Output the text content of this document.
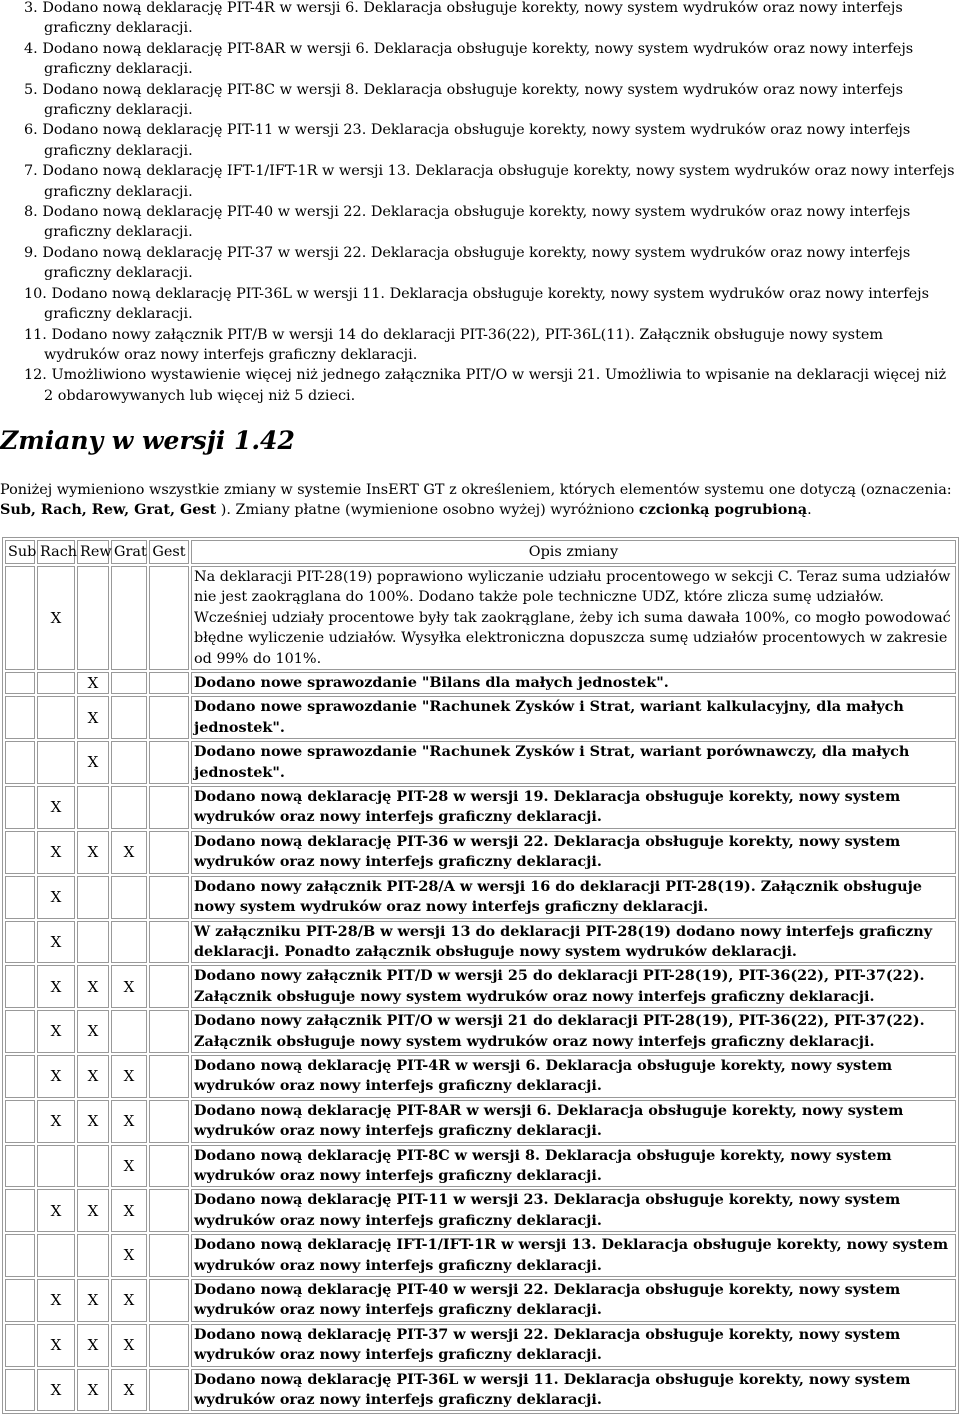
3. Dodano nową deklarację PIT-4R w wersji 6. Deklaracja obsługuje korekty, nowy system wydruków oraz nowy interfejs graficzny deklaracji.
4. Dodano nową deklarację PIT-8AR w wersji 6. Deklaracja obsługuje korekty, nowy system wydruków oraz nowy interfejs graficzny deklaracji.
5. Dodano nową deklarację PIT-8C w wersji 8. Deklaracja obsługuje korekty, nowy system wydruków oraz nowy interfejs graficzny deklaracji.
6. Dodano nową deklarację PIT-11 w wersji 23. Deklaracja obsługuje korekty, nowy system wydruków oraz nowy interfejs graficzny deklaracji.
7. Dodano nową deklarację IFT-1/IFT-1R w wersji 13. Deklaracja obsługuje korekty, nowy system wydruków oraz nowy interfejs graficzny deklaracji.
8. Dodano nową deklarację PIT-40 w wersji 22. Deklaracja obsługuje korekty, nowy system wydruków oraz nowy interfejs graficzny deklaracji.
9. Dodano nową deklarację PIT-37 w wersji 22. Deklaracja obsługuje korekty, nowy system wydruków oraz nowy interfejs graficzny deklaracji.
10. Dodano nową deklarację PIT-36L w wersji 11. Deklaracja obsługuje korekty, nowy system wydruków oraz nowy interfejs graficzny deklaracji.
11. Dodano nowy załącznik PIT/B w wersji 14 do deklaracji PIT-36(22), PIT-36L(11). Załącznik obsługuje nowy system wydruków oraz nowy interfejs graficzny deklaracji.
12. Umożliwiono wystawienie więcej niż jednego załącznika PIT/O w wersji 21. Umożliwia to wpisanie na deklaracji więcej niż 2 obdarowywanych lub więcej niż 5 dzieci.
Zmiany w wersji 1.42

Poniżej wymieniono wszystkie zmiany w systemie InsERT GT z określeniem, których elementów systemu one dotyczą (oznaczenia: Sub, Rach, Rew, Grat, Gest ). Zmiany płatne (wymienione osobno wyżej) wyróżniono czcionką pogrubioną.

Sub	Rach	Rew	Grat	Gest	Opis zmiany
	X				Na deklaracji PIT-28(19) poprawiono wyliczanie udziału procentowego w sekcji C. Teraz suma udziałów nie jest zaokrąglana do 100%. Dodano także pole techniczne UDZ, które zlicza sumę udziałów. Wcześniej udziały procentowe były tak zaokrąglane, żeby ich suma dawała 100%, co mogło powodować błędne wyliczenie udziałów. Wysyłka elektroniczna dopuszcza sumę udziałów procentowych w zakresie od 99% do 101%.
		X			Dodano nowe sprawozdanie "Bilans dla małych jednostek".
		X			Dodano nowe sprawozdanie "Rachunek Zysków i Strat, wariant kalkulacyjny, dla małych jednostek".
		X			Dodano nowe sprawozdanie "Rachunek Zysków i Strat, wariant porównawczy, dla małych jednostek".
	X				Dodano nową deklarację PIT-28 w wersji 19. Deklaracja obsługuje korekty, nowy system wydruków oraz nowy interfejs graficzny deklaracji.
	X	X	X		Dodano nową deklarację PIT-36 w wersji 22. Deklaracja obsługuje korekty, nowy system wydruków oraz nowy interfejs graficzny deklaracji.
	X				Dodano nowy załącznik PIT-28/A w wersji 16 do deklaracji PIT-28(19). Załącznik obsługuje nowy system wydruków oraz nowy interfejs graficzny deklaracji.
	X				W załączniku PIT-28/B w wersji 13 do deklaracji PIT-28(19) dodano nowy interfejs graficzny deklaracji. Ponadto załącznik obsługuje nowy system wydruków deklaracji.
	X	X	X		Dodano nowy załącznik PIT/D w wersji 25 do deklaracji PIT-28(19), PIT-36(22), PIT-37(22). Załącznik obsługuje nowy system wydruków oraz nowy interfejs graficzny deklaracji.
	X	X			Dodano nowy załącznik PIT/O w wersji 21 do deklaracji PIT-28(19), PIT-36(22), PIT-37(22). Załącznik obsługuje nowy system wydruków oraz nowy interfejs graficzny deklaracji.
	X	X	X		Dodano nową deklarację PIT-4R w wersji 6. Deklaracja obsługuje korekty, nowy system wydruków oraz nowy interfejs graficzny deklaracji.
	X	X	X		Dodano nową deklarację PIT-8AR w wersji 6. Deklaracja obsługuje korekty, nowy system wydruków oraz nowy interfejs graficzny deklaracji.
			X		Dodano nową deklarację PIT-8C w wersji 8. Deklaracja obsługuje korekty, nowy system wydruków oraz nowy interfejs graficzny deklaracji.
	X	X	X		Dodano nową deklarację PIT-11 w wersji 23. Deklaracja obsługuje korekty, nowy system wydruków oraz nowy interfejs graficzny deklaracji.
			X		Dodano nową deklarację IFT-1/IFT-1R w wersji 13. Deklaracja obsługuje korekty, nowy system wydruków oraz nowy interfejs graficzny deklaracji.
	X	X	X		Dodano nową deklarację PIT-40 w wersji 22. Deklaracja obsługuje korekty, nowy system wydruków oraz nowy interfejs graficzny deklaracji.
	X	X	X		Dodano nową deklarację PIT-37 w wersji 22. Deklaracja obsługuje korekty, nowy system wydruków oraz nowy interfejs graficzny deklaracji.
	X	X	X		Dodano nową deklarację PIT-36L w wersji 11. Deklaracja obsługuje korekty, nowy system wydruków oraz nowy interfejs graficzny deklaracji.
